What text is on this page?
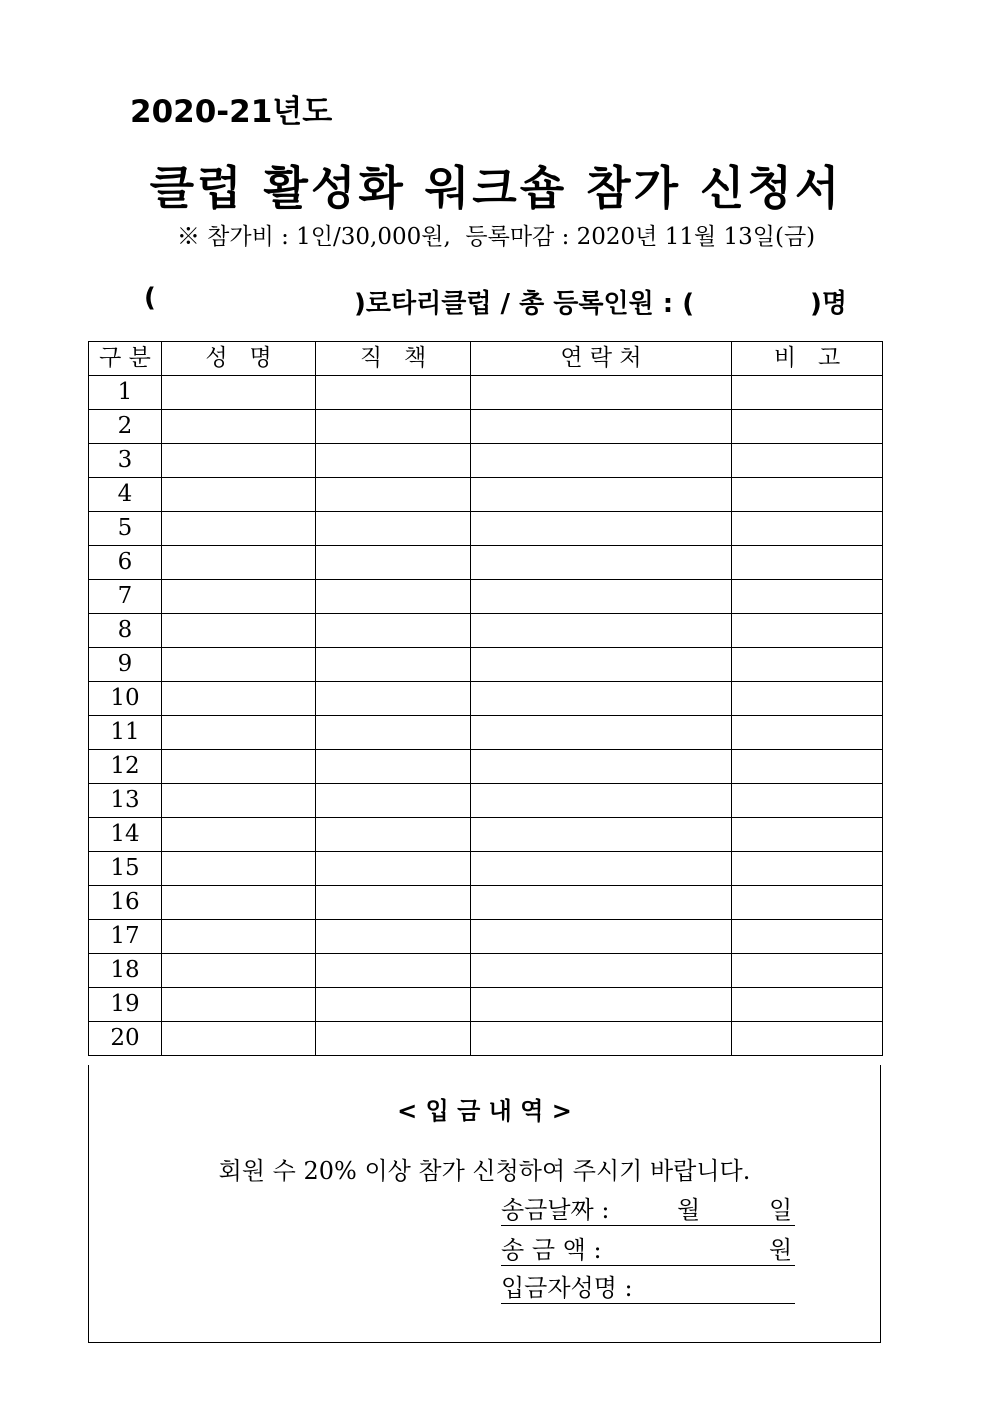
2020-21년도
클럽 활성화 워크숍 참가 신청서
※ 참가비 : 1인/30,000원,  등록마감 : 2020년 11월 13일(금)
(	)로타리클럽 / 총 등록인원 : (	)명
구 분	성   명	직   책	연 락 처	비   고
1				
2				
3				
4				
5				
6				
7				
8				
9				
10				
11				
12				
13				
14				
15				
16				
17				
18				
19				
20				
< 입 금 내 역 >
회원 수 20% 이상 참가 신청하여 주시기 바랍니다.
송금날짜 :	월	일
송 금 액 :	원
입금자성명 :
